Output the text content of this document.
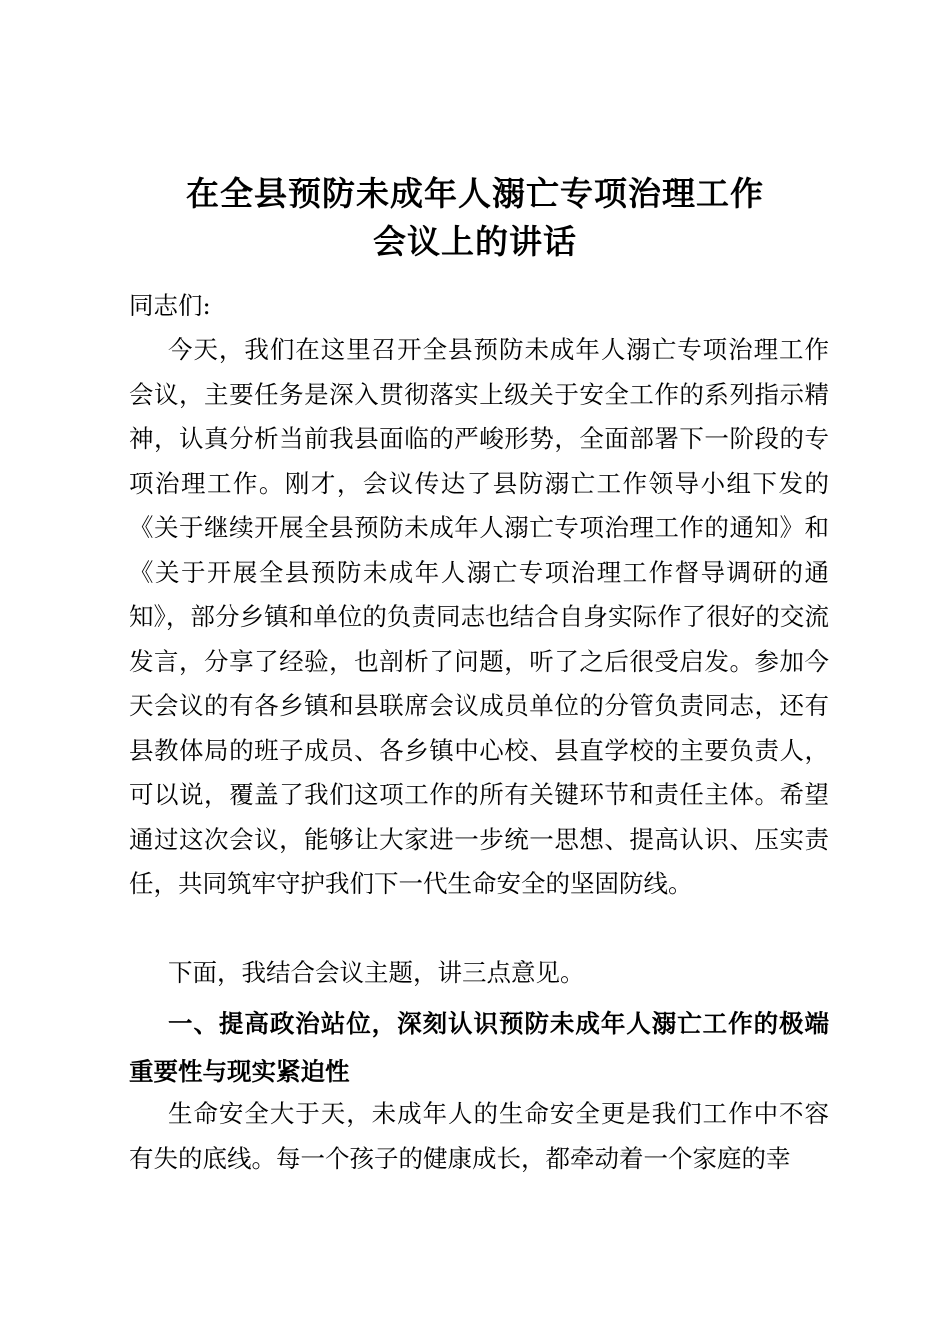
在全县预防未成年人溺亡专项治理工作
会议上的讲话
同志们:
今天，我们在这里召开全县预防未成年人溺亡专项治理工作会议，主要任务是深入贯彻落实上级关于安全工作的系列指示精神，认真分析当前我县面临的严峻形势，全面部署下一阶段的专项治理工作。刚才，会议传达了县防溺亡工作领导小组下发的《关于继续开展全县预防未成年人溺亡专项治理工作的通知》和《关于开展全县预防未成年人溺亡专项治理工作督导调研的通知》，部分乡镇和单位的负责同志也结合自身实际作了很好的交流发言，分享了经验，也剖析了问题，听了之后很受启发。参加今天会议的有各乡镇和县联席会议成员单位的分管负责同志，还有县教体局的班子成员、各乡镇中心校、县直学校的主要负责人，可以说，覆盖了我们这项工作的所有关键环节和责任主体。希望通过这次会议，能够让大家进一步统一思想、提高认识、压实责任，共同筑牢守护我们下一代生命安全的坚固防线。
下面，我结合会议主题，讲三点意见。
一、提高政治站位，深刻认识预防未成年人溺亡工作的极端重要性与现实紧迫性
生命安全大于天，未成年人的生命安全更是我们工作中不容有失的底线。每一个孩子的健康成长，都牵动着一个家庭的幸
